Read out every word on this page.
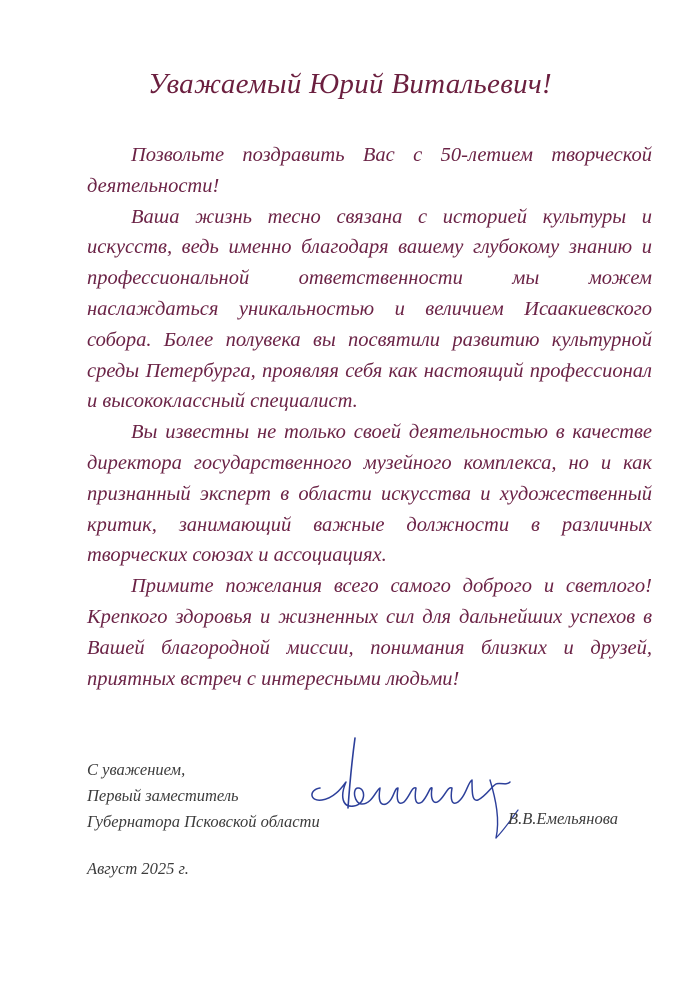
Уважаемый Юрий Витальевич!

Позвольте поздравить Вас с 50-летием творческой деятельности!

Ваша жизнь тесно связана с историей культуры и искусств, ведь именно благодаря вашему глубокому знанию и профессиональной ответственности мы можем наслаждаться уникальностью и величием Исаакиевского собора. Более полувека вы посвятили развитию культурной среды Петербурга, проявляя себя как настоящий профессионал и высококлассный специалист.

Вы известны не только своей деятельностью в качестве директора государственного музейного комплекса, но и как признанный эксперт в области искусства и художественный критик, занимающий важные должности в различных творческих союзах и ассоциациях.

Примите пожелания всего самого доброго и светлого! Крепкого здоровья и жизненных сил для дальнейших успехов в Вашей благородной миссии, понимания близких и друзей, приятных встреч с интересными людьми!

С уважением,
Первый заместитель
Губернатора Псковской области	В.В.Емельянова
Август 2025 г.
